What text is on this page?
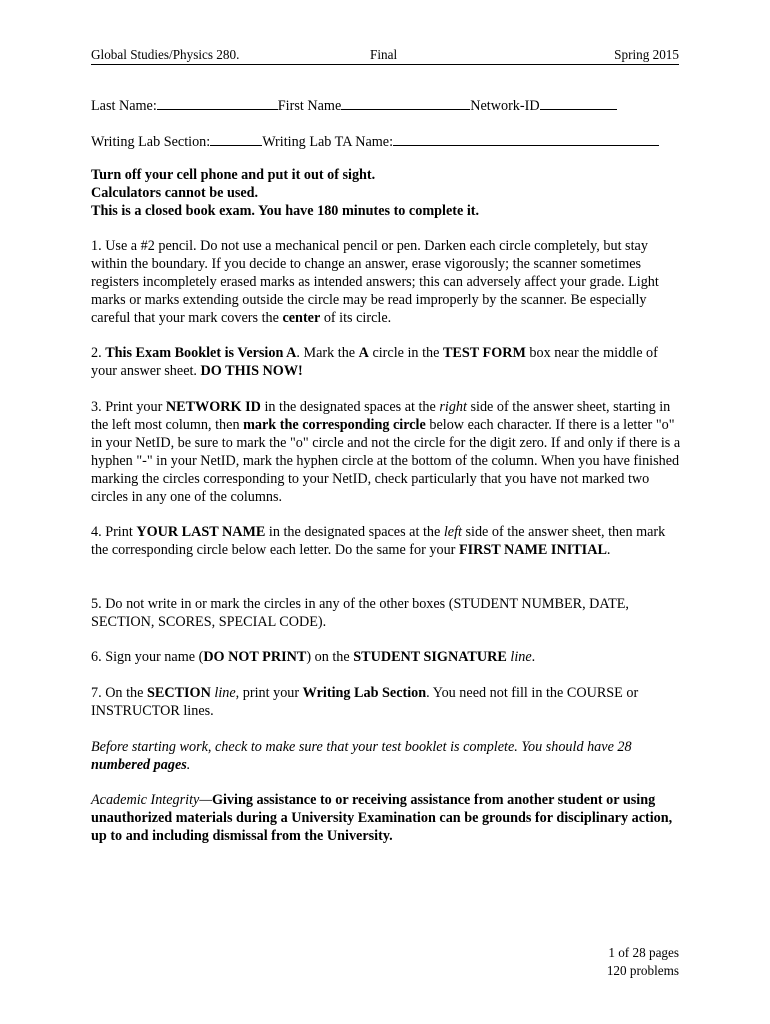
Global Studies/Physics 280.	Final	Spring 2015
Last Name:	First Name	Network-ID
Writing Lab Section:	Writing Lab TA Name:
Turn off your cell phone and put it out of sight.
Calculators cannot be used.
This is a closed book exam. You have 180 minutes to complete it.
1. Use a #2 pencil. Do not use a mechanical pencil or pen. Darken each circle completely, but stay within the boundary. If you decide to change an answer, erase vigorously; the scanner sometimes registers incompletely erased marks as intended answers; this can adversely affect your grade. Light marks or marks extending outside the circle may be read improperly by the scanner. Be especially careful that your mark covers the center of its circle.
2. This Exam Booklet is Version A. Mark the A circle in the TEST FORM box near the middle of your answer sheet. DO THIS NOW!
3. Print your NETWORK ID in the designated spaces at the right side of the answer sheet, starting in the left most column, then mark the corresponding circle below each character. If there is a letter "o" in your NetID, be sure to mark the "o" circle and not the circle for the digit zero. If and only if there is a hyphen "-" in your NetID, mark the hyphen circle at the bottom of the column. When you have finished marking the circles corresponding to your NetID, check particularly that you have not marked two circles in any one of the columns.
4. Print YOUR LAST NAME in the designated spaces at the left side of the answer sheet, then mark the corresponding circle below each letter. Do the same for your FIRST NAME INITIAL.
5. Do not write in or mark the circles in any of the other boxes (STUDENT NUMBER, DATE, SECTION, SCORES, SPECIAL CODE).
6. Sign your name (DO NOT PRINT) on the STUDENT SIGNATURE line.
7. On the SECTION line, print your Writing Lab Section. You need not fill in the COURSE or INSTRUCTOR lines.
Before starting work, check to make sure that your test booklet is complete. You should have 28 numbered pages.
Academic Integrity—Giving assistance to or receiving assistance from another student or using unauthorized materials during a University Examination can be grounds for disciplinary action, up to and including dismissal from the University.
1 of 28 pages
120 problems
